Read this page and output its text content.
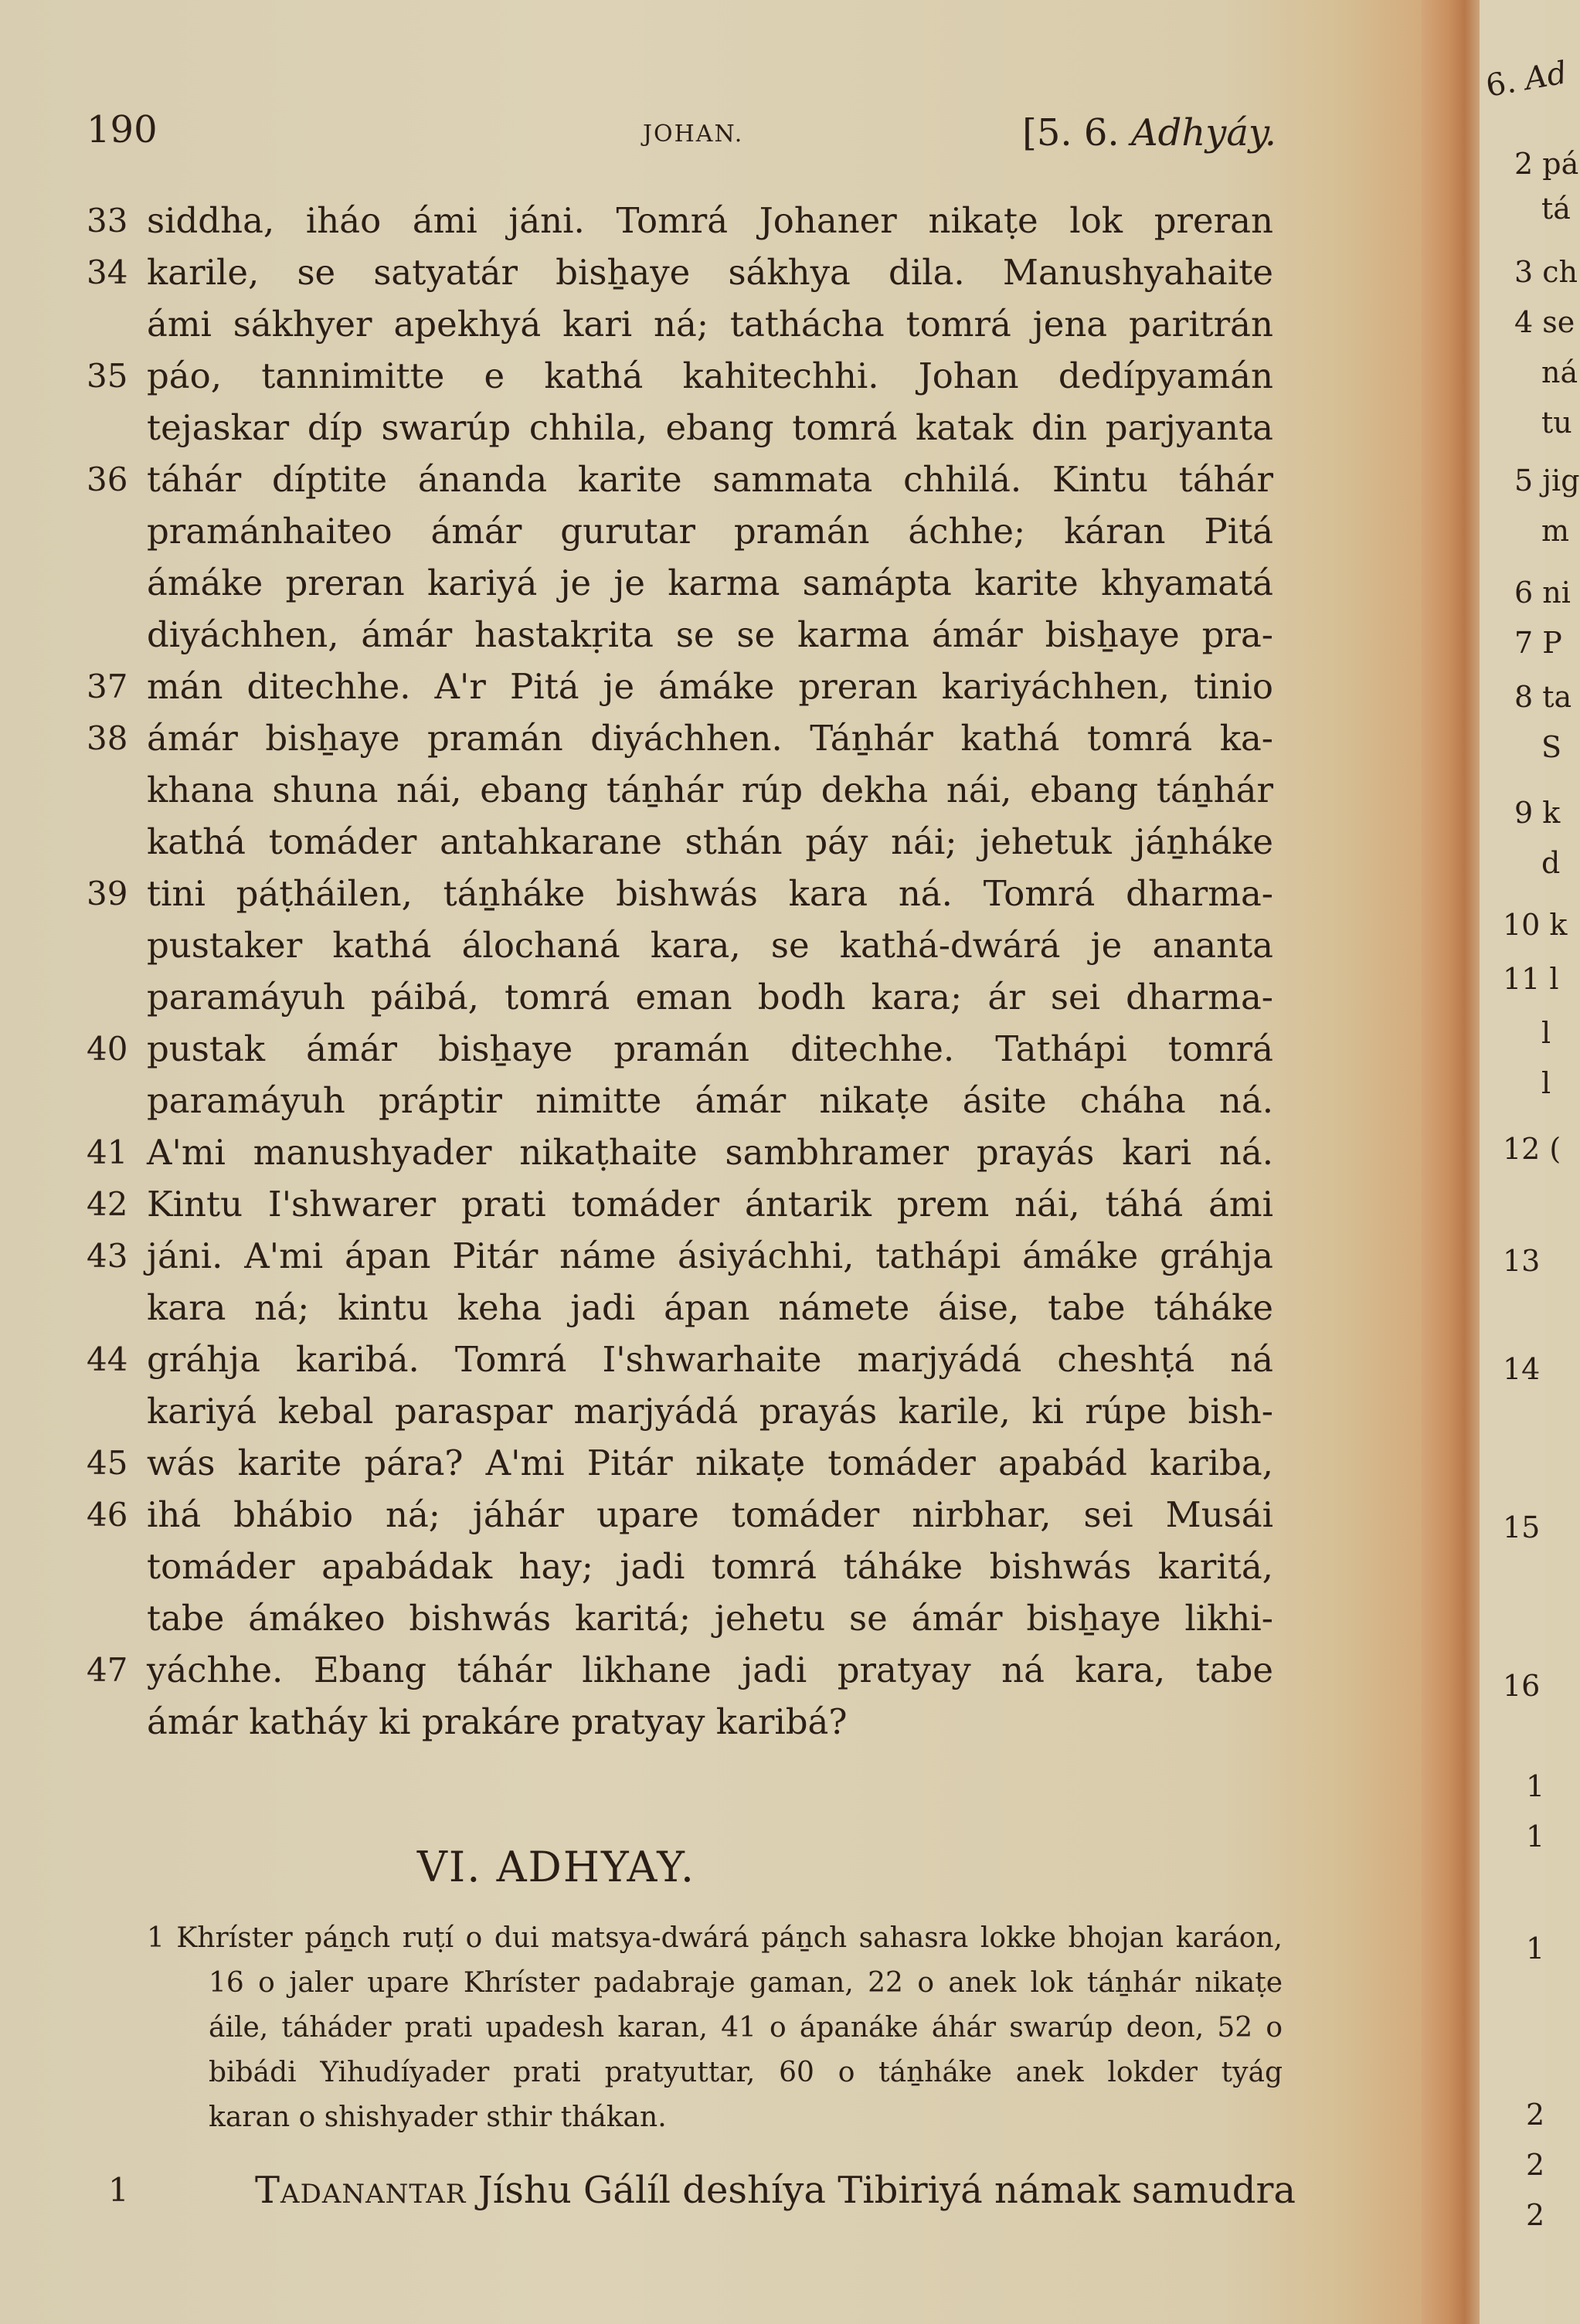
190	JOHAN.	[5. 6. Adhyáy.
33 siddha, iháo ámi jáni. Tomrá Johaner nikaṭe lok preran
34 karile, se satyatár bisẖaye sákhya dila. Manushyahaite
ámi sákhyer apekhyá kari ná; tathácha tomrá jena paritrán
35 páo, tannimitte e kathá kahitechhi. Johan dedípyamán
tejaskar díp swarúp chhila, ebang tomrá katak din parjyanta
36 táhár díptite ánanda karite sammata chhilá. Kintu táhár
pramánhaiteo ámár gurutar pramán áchhe; káran Pitá
ámáke preran kariyá je je karma samápta karite khyamatá
diyáchhen, ámár hastakṛita se se karma ámár bisẖaye pra-
37 mán ditechhe. A'r Pitá je ámáke preran kariyáchhen, tinio
38 ámár bisẖaye pramán diyáchhen. Táṉhár kathá tomrá ka-
khana shuna nái, ebang táṉhár rúp dekha nái, ebang táṉhár
kathá tomáder antahkarane sthán páy nái; jehetuk jáṉháke
39 tini páṭháilen, táṉháke bishwás kara ná. Tomrá dharma-
pustaker kathá álochaná kara, se kathá-dwárá je ananta
paramáyuh páibá, tomrá eman bodh kara; ár sei dharma-
40 pustak ámár bisẖaye pramán ditechhe. Tathápi tomrá
paramáyuh práptir nimitte ámár nikaṭe ásite cháha ná.
41 A'mi manushyader nikaṭhaite sambhramer prayás kari ná.
42 Kintu I'shwarer prati tomáder ántarik prem nái, táhá ámi
43 jáni. A'mi ápan Pitár náme ásiyáchhi, tathápi ámáke gráhja
kara ná; kintu keha jadi ápan námete áise, tabe táháke
44 gráhja karibá. Tomrá I'shwarhaite marjyádá cheshṭá ná
kariyá kebal paraspar marjyádá prayás karile, ki rúpe bish-
45 wás karite pára? A'mi Pitár nikaṭe tomáder apabád kariba,
46 ihá bhábio ná; jáhár upare tomáder nirbhar, sei Musái
tomáder apabádak hay; jadi tomrá táháke bishwás karitá,
tabe ámákeo bishwás karitá; jehetu se ámár bisẖaye likhi-
47 yáchhe. Ebang táhár likhane jadi pratyay ná kara, tabe
ámár katháy ki prakáre pratyay karibá?
VI. ADHYAY.
1 Khríster páṉch ruṭí o dui matsya-dwárá páṉch sahasra lokke bhojan karáon,
16 o jaler upare Khríster padabraje gaman, 22 o anek lok táṉhár nikaṭe
áile, táháder prati upadesh karan, 41 o ápanáke áhár swarúp deon, 52 o
bibádi Yihudíyader prati pratyuttar, 60 o táṉháke anek lokder tyág
karan o shishyader sthir thákan.
1	Tadanantar Jíshu Gálíl deshíya Tibiriyá námak samudra
6. Ad
2 pá
tá
3 ch
4 se
ná
tu
5 jig
m
6 ni
7 P
8 ta
S
9 k
d
10 k
11 l
l
l
12 (
13
14
15
16
1
1
1
2
2
2
